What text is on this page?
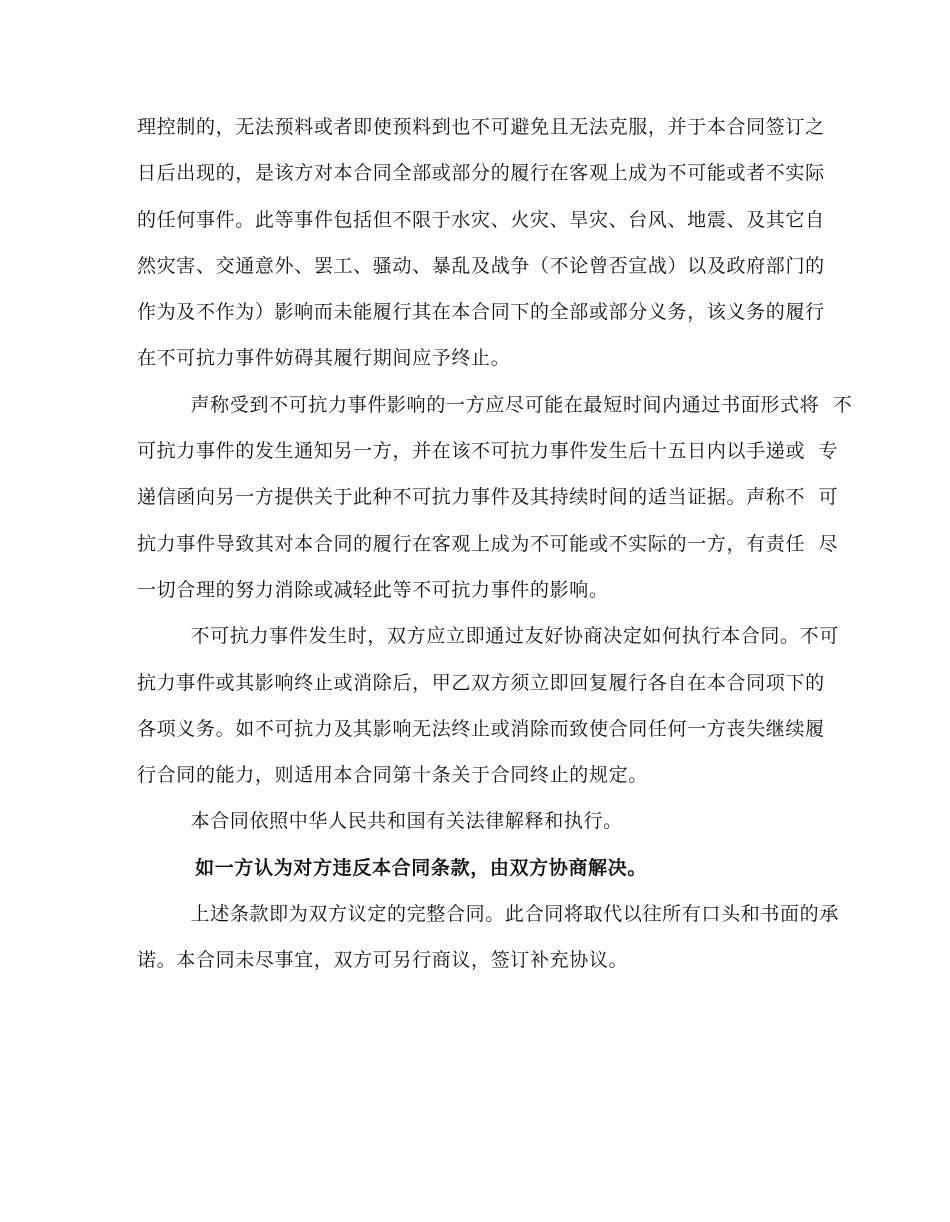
理控制的，无法预料或者即使预料到也不可避免且无法克服，并于本合同签订之
日后出现的，是该方对本合同全部或部分的履行在客观上成为不可能或者不实际
的任何事件。此等事件包括但不限于水灾、火灾、旱灾、台风、地震、及其它自
然灾害、交通意外、罢工、骚动、暴乱及战争（不论曾否宣战）以及政府部门的
作为及不作为）影响而未能履行其在本合同下的全部或部分义务，该义务的履行
在不可抗力事件妨碍其履行期间应予终止。
声称受到不可抗力事件影响的一方应尽可能在最短时间内通过书面形式将  不
可抗力事件的发生通知另一方，并在该不可抗力事件发生后十五日内以手递或  专
递信函向另一方提供关于此种不可抗力事件及其持续时间的适当证据。声称不  可
抗力事件导致其对本合同的履行在客观上成为不可能或不实际的一方，有责任  尽
一切合理的努力消除或减轻此等不可抗力事件的影响。
不可抗力事件发生时，双方应立即通过友好协商决定如何执行本合同。不可
抗力事件或其影响终止或消除后，甲乙双方须立即回复履行各自在本合同项下的
各项义务。如不可抗力及其影响无法终止或消除而致使合同任何一方丧失继续履
行合同的能力，则适用本合同第十条关于合同终止的规定。
本合同依照中华人民共和国有关法律解释和执行。
如一方认为对方违反本合同条款，由双方协商解决。
上述条款即为双方议定的完整合同。此合同将取代以往所有口头和书面的承
诺。本合同未尽事宜，双方可另行商议，签订补充协议。
